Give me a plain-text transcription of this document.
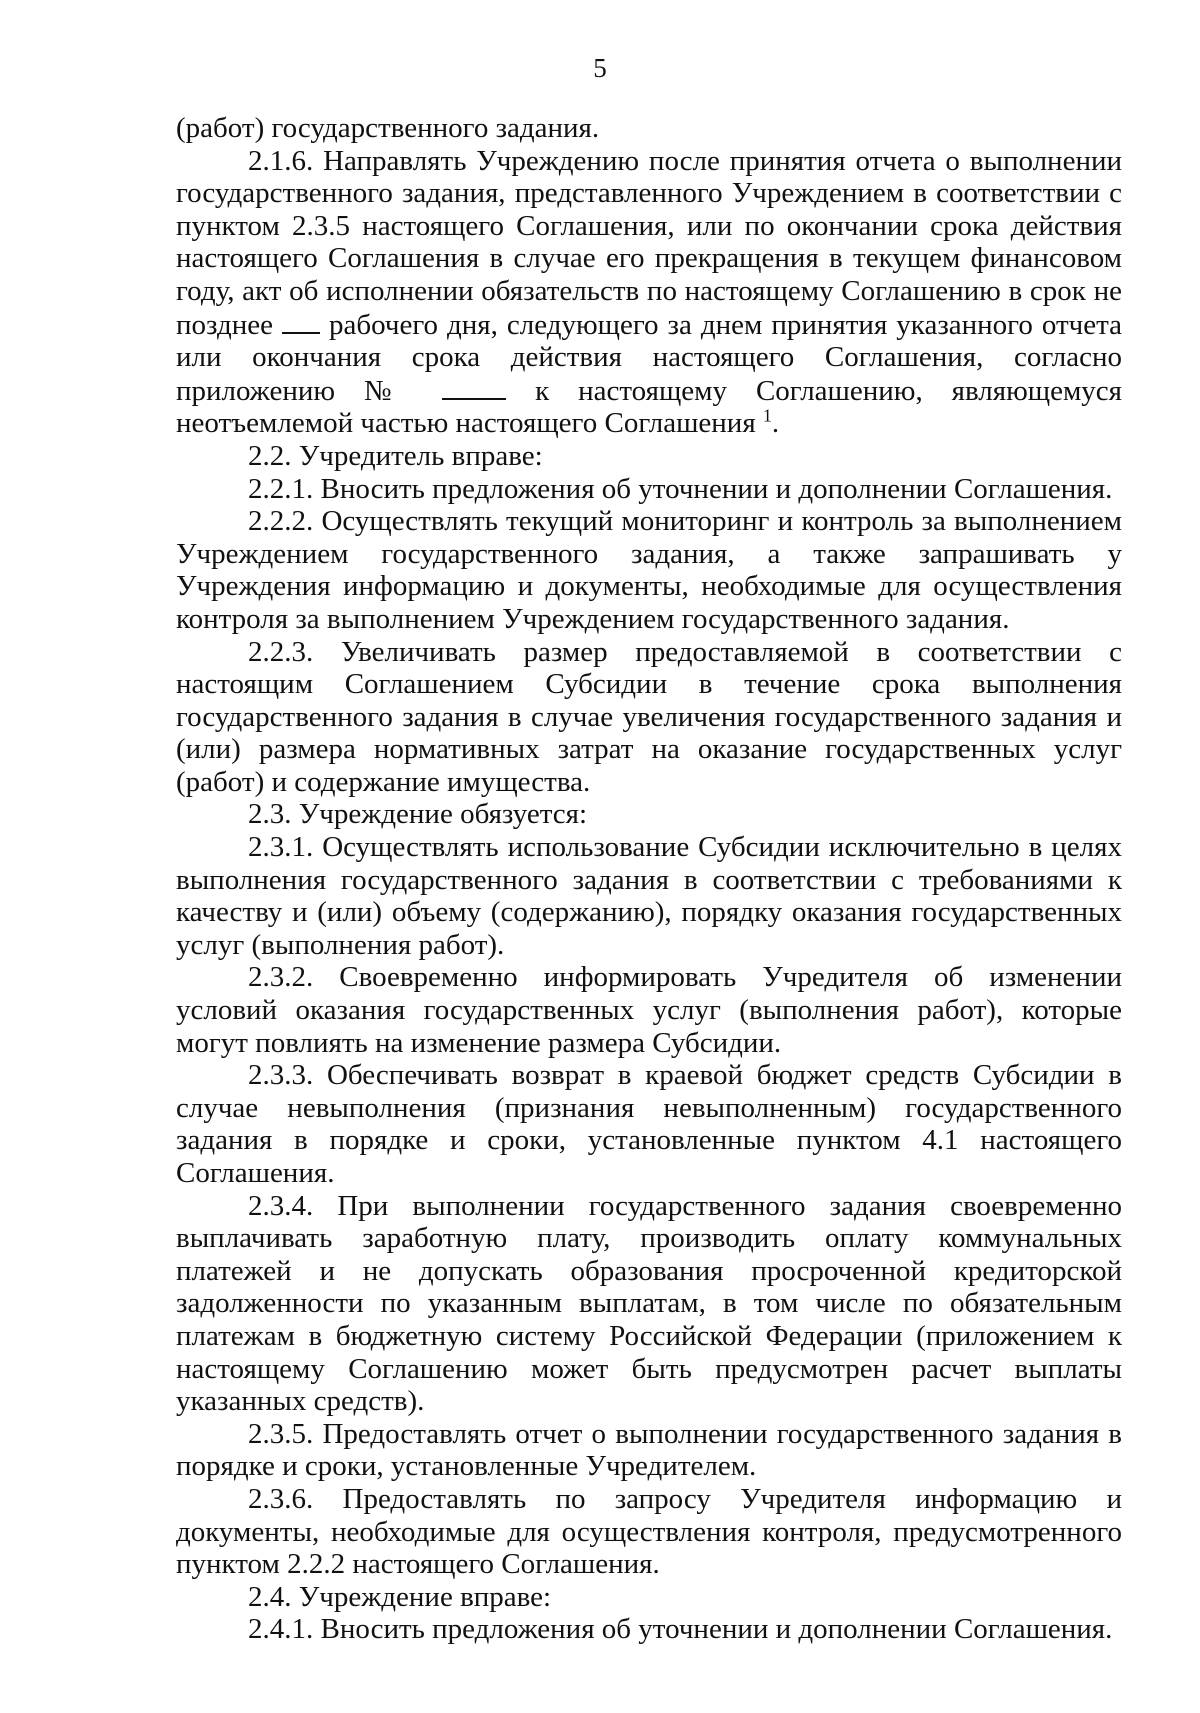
5

(работ) государственного задания.

2.1.6. Направлять Учреждению после принятия отчета о выполнении государственного задания, представленного Учреждением в соответствии с пунктом 2.3.5 настоящего Соглашения, или по окончании срока действия настоящего Соглашения в случае его прекращения в текущем финансовом году, акт об исполнении обязательств по настоящему Соглашению в срок не позднее рабочего дня, следующего за днем принятия указанного отчета или окончания срока действия настоящего Соглашения, согласно приложению №	к настоящему Соглашению, являющемуся неотъемлемой частью настоящего Соглашения $^1$.

2.2. Учредитель вправе:

2.2.1. Вносить предложения об уточнении и дополнении Соглашения.

2.2.2. Осуществлять текущий мониторинг и контроль за выполнением Учреждением государственного задания, а также запрашивать у Учреждения информацию и документы, необходимые для осуществления контроля за выполнением Учреждением государственного задания.

2.2.3. Увеличивать размер предоставляемой в соответствии с настоящим Соглашением Субсидии в течение срока выполнения государственного задания в случае увеличения государственного задания и (или) размера нормативных затрат на оказание государственных услуг (работ) и содержание имущества.

2.3. Учреждение обязуется:

2.3.1. Осуществлять использование Субсидии исключительно в целях выполнения государственного задания в соответствии с требованиями к качеству и (или) объему (содержанию), порядку оказания государственных услуг (выполнения работ).

2.3.2. Своевременно информировать Учредителя об изменении условий оказания государственных услуг (выполнения работ), которые могут повлиять на изменение размера Субсидии.

2.3.3. Обеспечивать возврат в краевой бюджет средств Субсидии в случае невыполнения (признания невыполненным) государственного задания в порядке и сроки, установленные пунктом 4.1 настоящего Соглашения.

2.3.4. При выполнении государственного задания своевременно выплачивать заработную плату, производить оплату коммунальных платежей и не допускать образования просроченной кредиторской задолженности по указанным выплатам, в том числе по обязательным платежам в бюджетную систему Российской Федерации (приложением к настоящему Соглашению может быть предусмотрен расчет выплаты указанных средств).

2.3.5. Предоставлять отчет о выполнении государственного задания в порядке и сроки, установленные Учредителем.

2.3.6. Предоставлять по запросу Учредителя информацию и документы, необходимые для осуществления контроля, предусмотренного пунктом 2.2.2 настоящего Соглашения.

2.4. Учреждение вправе:

2.4.1. Вносить предложения об уточнении и дополнении Соглашения.
